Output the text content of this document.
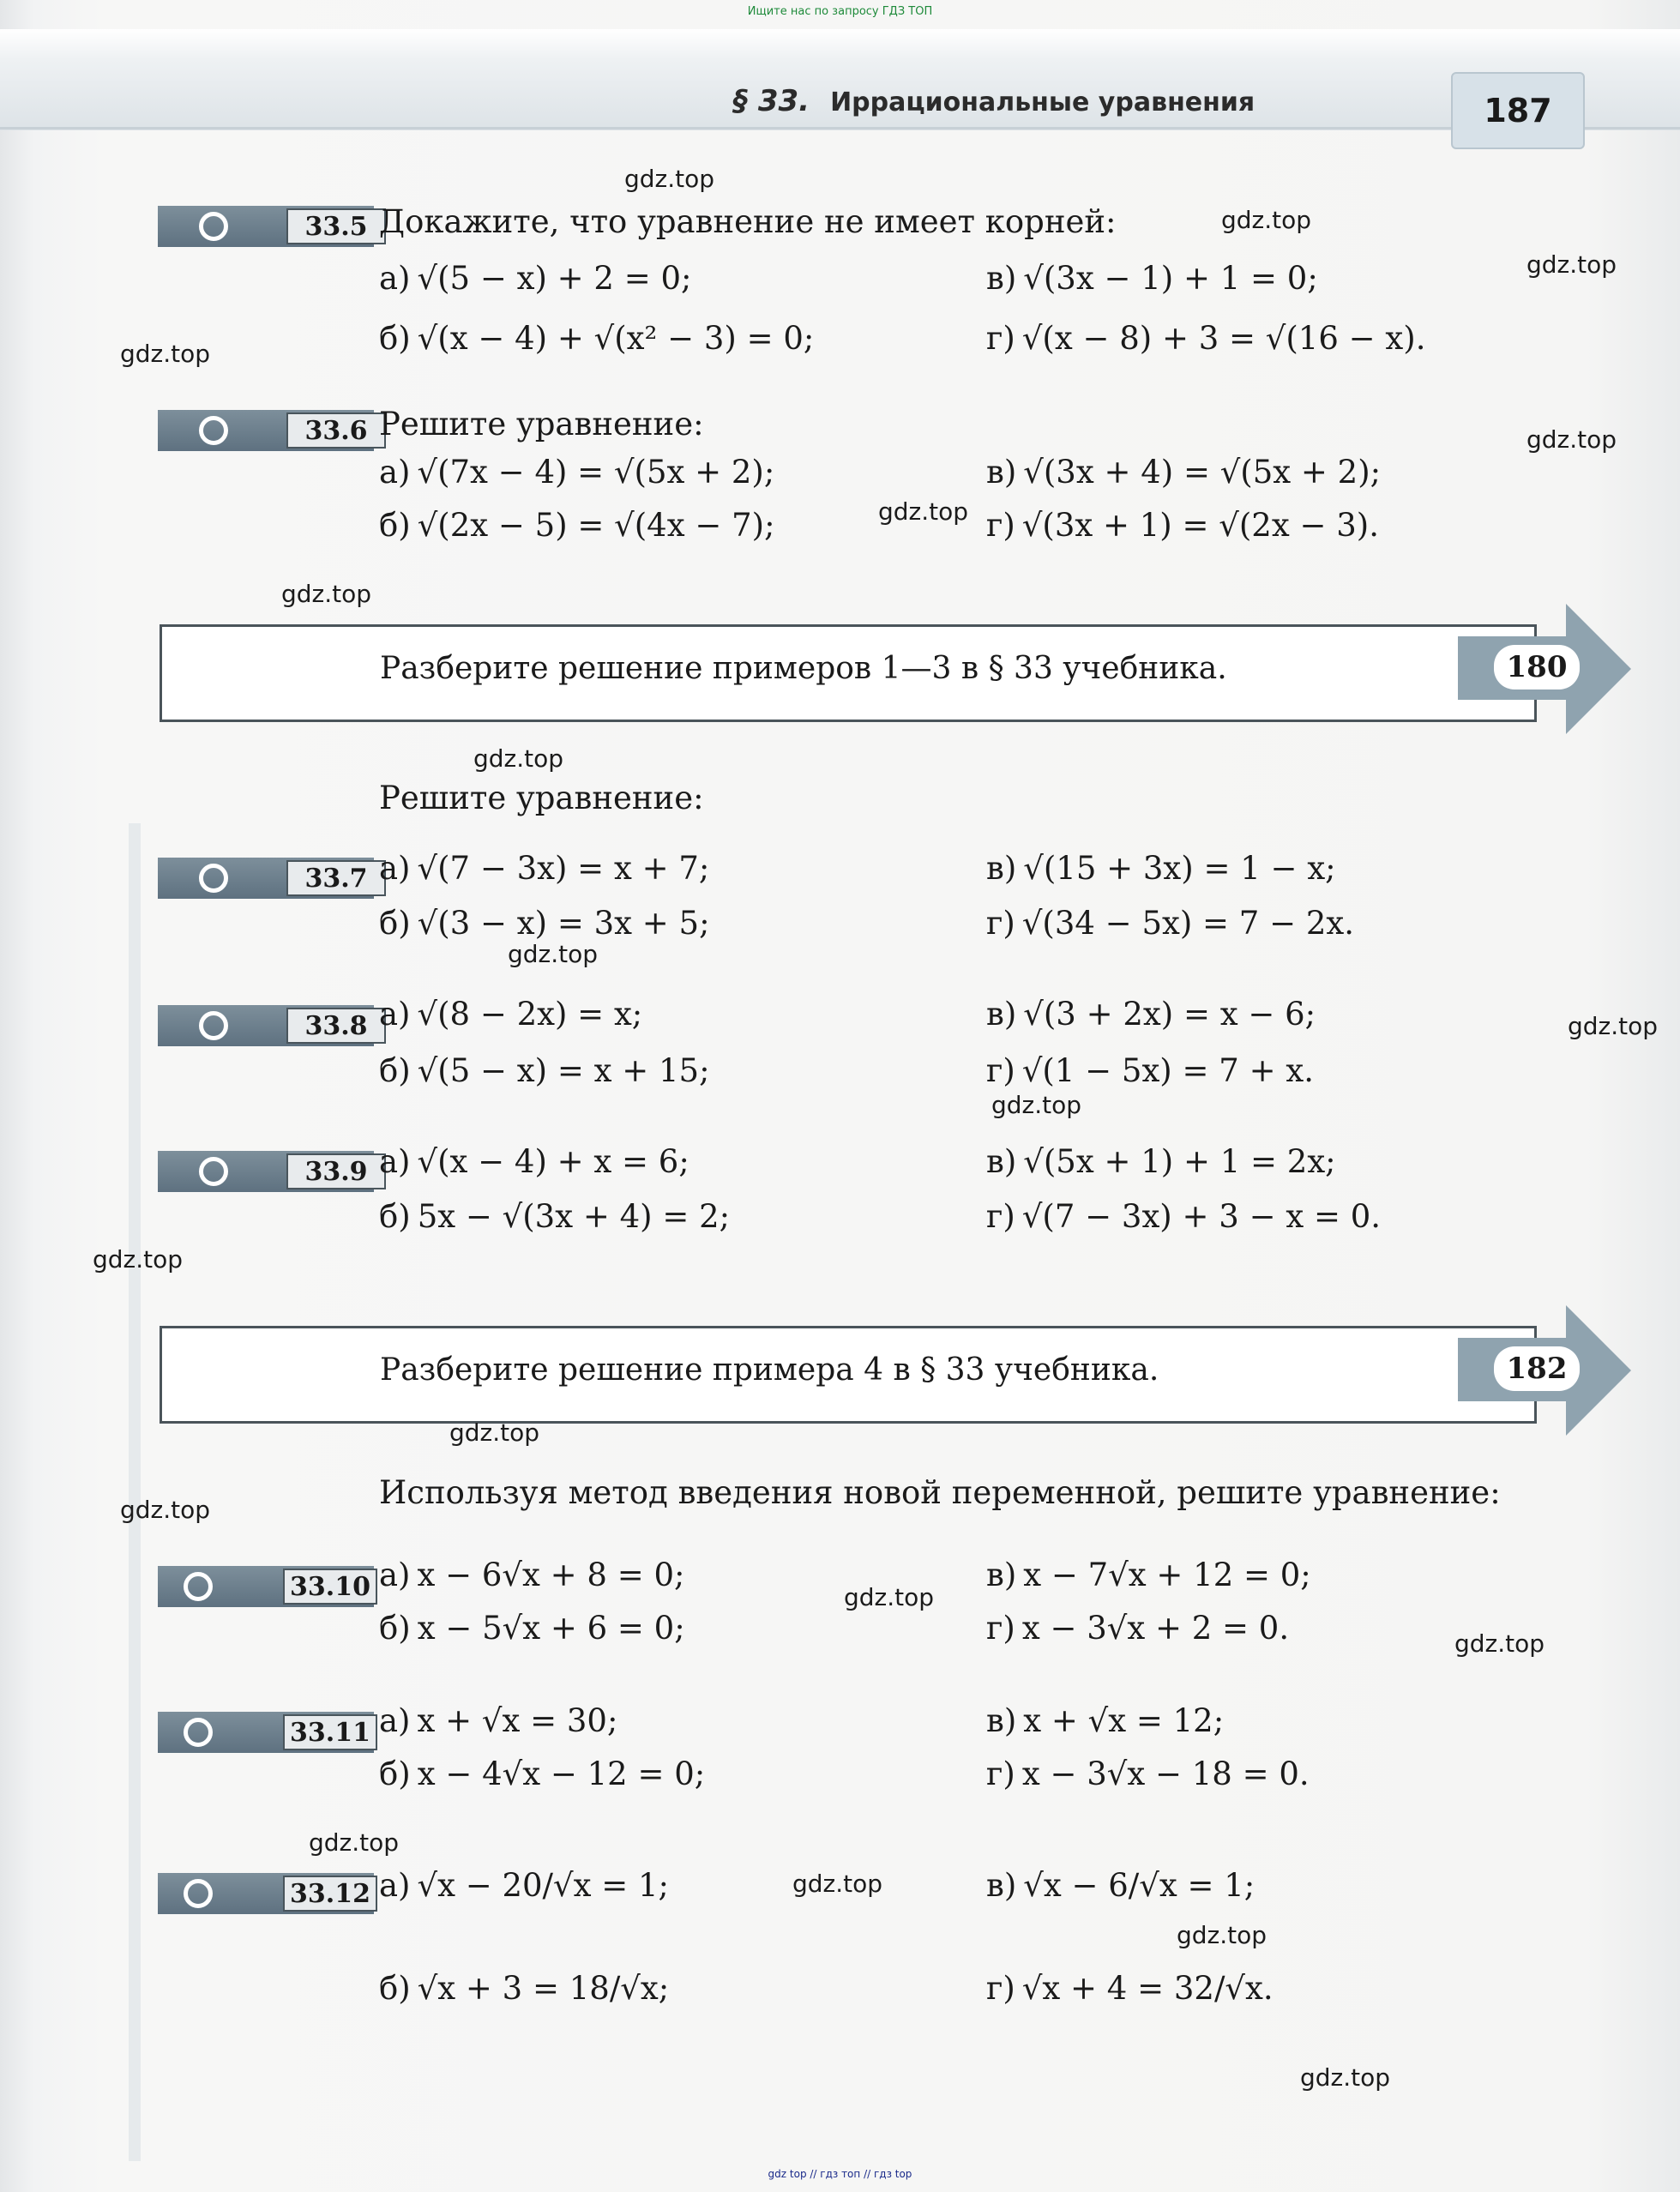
Ищите нас по запросу ГДЗ ТОП
§ 33. Иррациональные уравнения	187
33.5 Докажите, что уравнение не имеет корней:
а) √(5 − x) + 2 = 0;	в) √(3x − 1) + 1 = 0;
б) √(x − 4) + √(x² − 3) = 0;	г) √(x − 8) + 3 = √(16 − x).
33.6 Решите уравнение:
а) √(7x − 4) = √(5x + 2);	в) √(3x + 4) = √(5x + 2);
б) √(2x − 5) = √(4x − 7);	г) √(3x + 1) = √(2x − 3).
Разберите решение примеров 1—3 в § 33 учебника.	180
Решите уравнение:
33.7 а) √(7 − 3x) = x + 7;	в) √(15 + 3x) = 1 − x;
б) √(3 − x) = 3x + 5;	г) √(34 − 5x) = 7 − 2x.
33.8 а) √(8 − 2x) = x;	в) √(3 + 2x) = x − 6;
б) √(5 − x) = x + 15;	г) √(1 − 5x) = 7 + x.
33.9 а) √(x − 4) + x = 6;	в) √(5x + 1) + 1 = 2x;
б) 5x − √(3x + 4) = 2;	г) √(7 − 3x) + 3 − x = 0.
Разберите решение примера 4 в § 33 учебника.	182
Используя метод введения новой переменной, решите уравнение:
33.10 а) x − 6√x + 8 = 0;	в) x − 7√x + 12 = 0;
б) x − 5√x + 6 = 0;	г) x − 3√x + 2 = 0.
33.11 а) x + √x = 30;	в) x + √x = 12;
б) x − 4√x − 12 = 0;	г) x − 3√x − 18 = 0.
33.12 а) √x − 20/√x = 1;	в) √x − 6/√x = 1;
б) √x + 3 = 18/√x;	г) √x + 4 = 32/√x.
gdz.top
gdz.top
gdz.top
gdz.top
gdz.top
gdz.top
gdz.top
gdz.top
gdz.top
gdz.top
gdz.top
gdz.top
gdz.top
gdz.top
gdz.top
gdz.top
gdz.top
gdz.top
gdz.top
gdz.top
gdz top // гдз топ // гдз top
